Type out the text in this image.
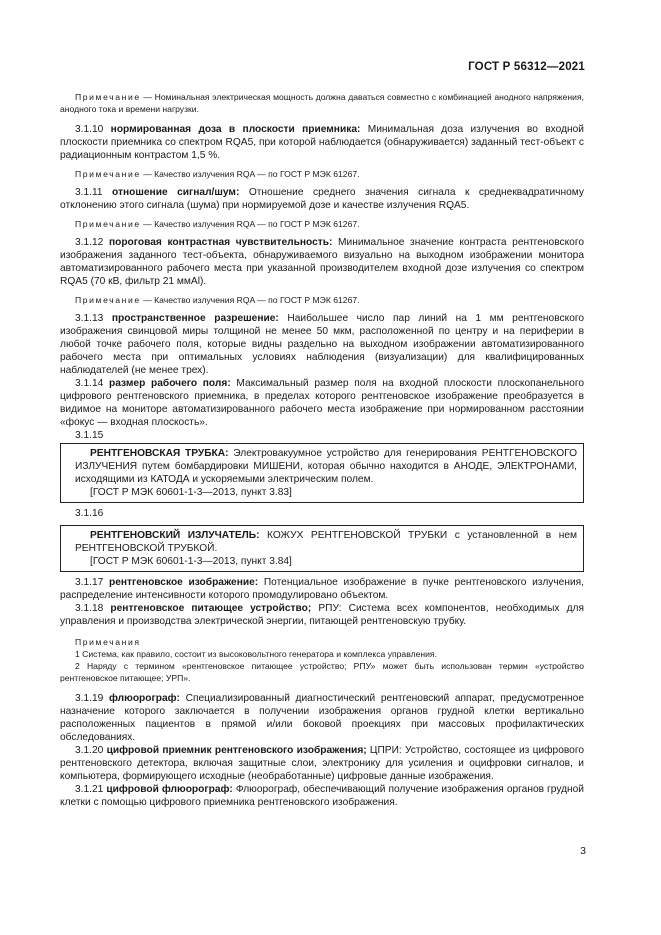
ГОСТ Р 56312—2021

Примечание — Номинальная электрическая мощность должна даваться совместно с комбинацией анодного напряжения, анодного тока и времени нагрузки.

3.1.10 нормированная доза в плоскости приемника: Минимальная доза излучения во входной плоскости приемника со спектром RQA5, при которой наблюдается (обнаруживается) заданный тест-объект с радиационным контрастом 1,5 %.

Примечание — Качество излучения RQA — по ГОСТ Р МЭК 61267.

3.1.11 отношение сигнал/шум: Отношение среднего значения сигнала к среднеквадратичному отклонению этого сигнала (шума) при нормируемой дозе и качестве излучения RQA5.

Примечание — Качество излучения RQA — по ГОСТ Р МЭК 61267.

3.1.12 пороговая контрастная чувствительность: Минимальное значение контраста рентгеновского изображения заданного тест-объекта, обнаруживаемого визуально на выходном изображении монитора автоматизированного рабочего места при указанной производителем входной дозе излучения со спектром RQA5 (70 кВ, фильтр 21 ммAl).

Примечание — Качество излучения RQA — по ГОСТ Р МЭК 61267.

3.1.13 пространственное разрешение: Наибольшее число пар линий на 1 мм рентгеновского изображения свинцовой миры толщиной не менее 50 мкм, расположенной по центру и на периферии в любой точке рабочего поля, которые видны раздельно на выходном изображении автоматизированного рабочего места при оптимальных условиях наблюдения (визуализации) для квалифицированных наблюдателей (не менее трех).

3.1.14 размер рабочего поля: Максимальный размер поля на входной плоскости плоскопанельного цифрового рентгеновского приемника, в пределах которого рентгеновское изображение преобразуется в видимое на мониторе автоматизированного рабочего места изображение при нормированном расстоянии «фокус — входная плоскость».

3.1.15

РЕНТГЕНОВСКАЯ ТРУБКА: Электровакуумное устройство для генерирования РЕНТГЕНОВСКОГО ИЗЛУЧЕНИЯ путем бомбардировки МИШЕНИ, которая обычно находится в АНОДЕ, ЭЛЕКТРОНАМИ, исходящими из КАТОДА и ускоряемыми электрическим полем.

[ГОСТ Р МЭК 60601-1-3—2013, пункт 3.83]

3.1.16

РЕНТГЕНОВСКИЙ ИЗЛУЧАТЕЛЬ: КОЖУХ РЕНТГЕНОВСКОЙ ТРУБКИ с установленной в нем РЕНТГЕНОВСКОЙ ТРУБКОЙ.

[ГОСТ Р МЭК 60601-1-3—2013, пункт 3.84]

3.1.17 рентгеновское изображение: Потенциальное изображение в пучке рентгеновского излучения, распределение интенсивности которого промодулировано объектом.

3.1.18 рентгеновское питающее устройство; РПУ: Система всех компонентов, необходимых для управления и производства электрической энергии, питающей рентгеновскую трубку.

Примечания

1 Система, как правило, состоит из высоковольтного генератора и комплекса управления.

2 Наряду с термином «рентгеновское питающее устройство; РПУ» может быть использован термин «устройство рентгеновское питающее; УРП».

3.1.19 флюорограф: Специализированный диагностический рентгеновский аппарат, предусмотренное назначение которого заключается в получении изображения органов грудной клетки вертикально расположенных пациентов в прямой и/или боковой проекциях при массовых профилактических обследованиях.

3.1.20 цифровой приемник рентгеновского изображения; ЦПРИ: Устройство, состоящее из цифрового рентгеновского детектора, включая защитные слои, электронику для усиления и оцифровки сигналов, и компьютера, формирующего исходные (необработанные) цифровые данные изображения.

3.1.21 цифровой флюорограф: Флюорограф, обеспечивающий получение изображения органов грудной клетки с помощью цифрового приемника рентгеновского изображения.

3
